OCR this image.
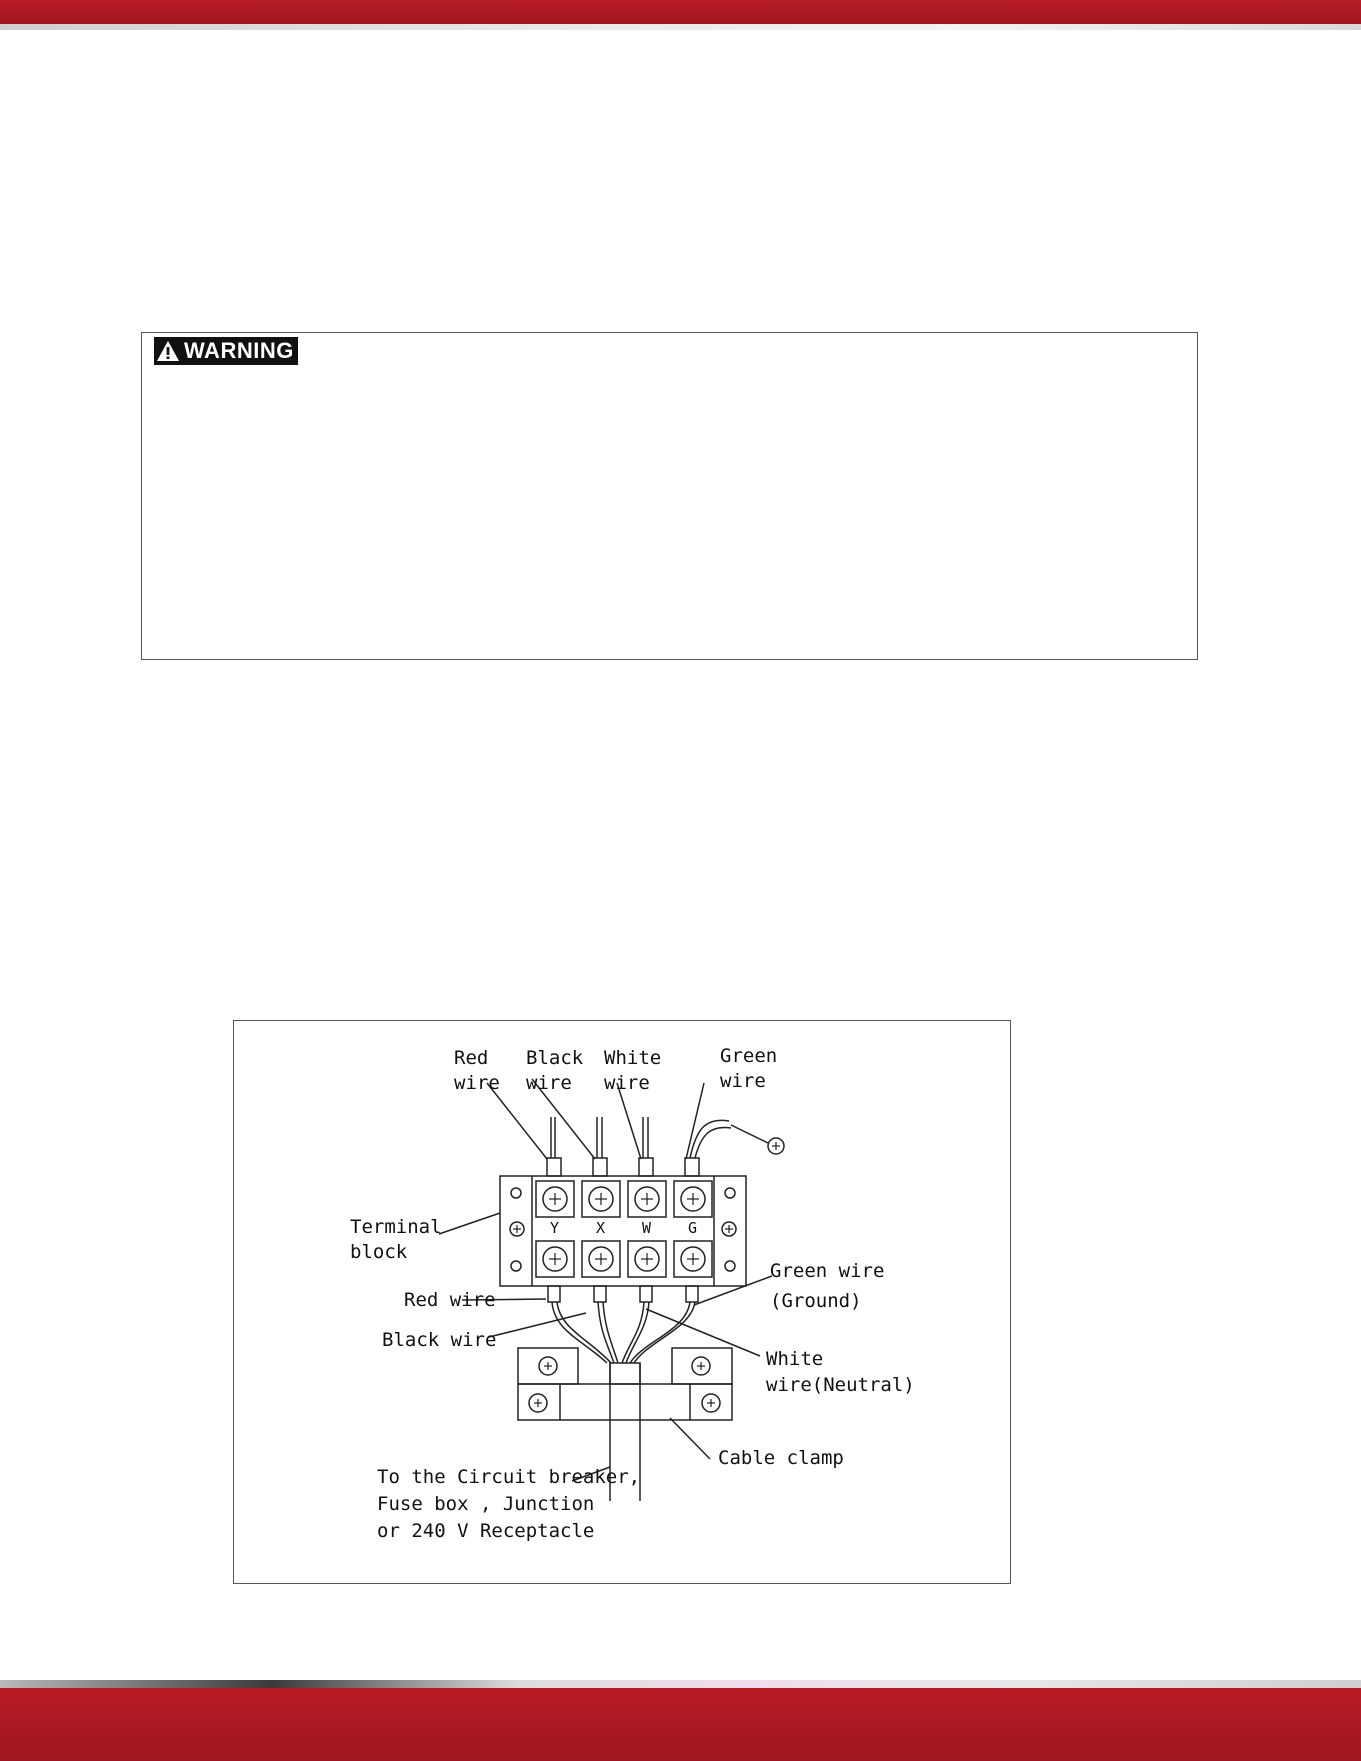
WARNING
Red
wire
Black
wire
White
wire
Green
wire
Y X W G
Terminal
block
Red wire
Black wire
Green wire
(Ground)
White
wire(Neutral)
Cable clamp
To the Circuit breaker,
Fuse box , Junction
or 240 V Receptacle
